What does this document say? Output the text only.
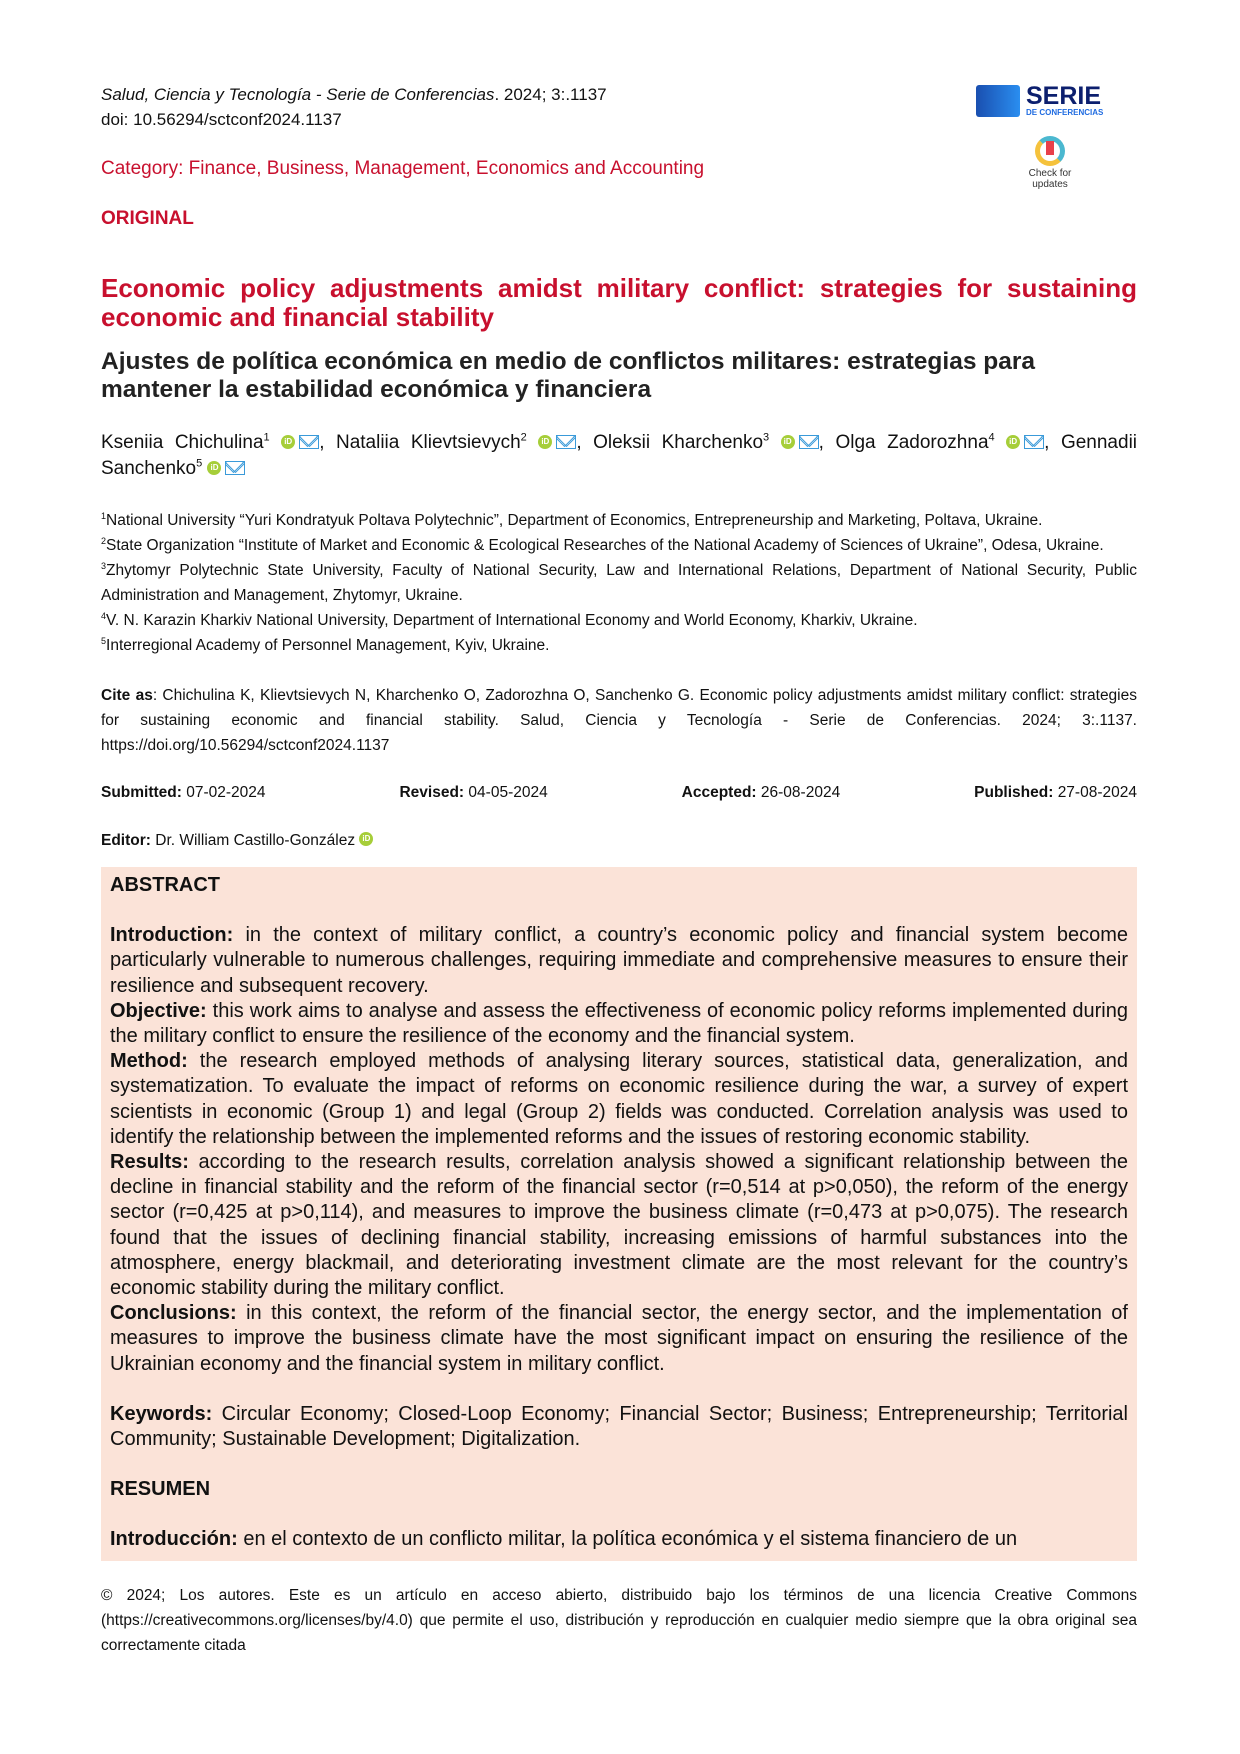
SERIE
DE CONFERENCIAS
Check for updates
Salud, Ciencia y Tecnología - Serie de Conferencias. 2024; 3:.1137
doi: 10.56294/sctconf2024.1137
Category: Finance, Business, Management, Economics and Accounting
ORIGINAL
Economic policy adjustments amidst military conflict: strategies for sustaining economic and financial stability
Ajustes de política económica en medio de conflictos militares: estrategias para mantener la estabilidad económica y financiera
Kseniia Chichulina$^1$ iD , Nataliia Klievtsievych$^2$ iD , Oleksii Kharchenko$^3$ iD , Olga Zadorozhna$^4$ iD , Gennadii Sanchenko$^5$ iD
$^1$National University “Yuri Kondratyuk Poltava Polytechnic”, Department of Economics, Entrepreneurship and Marketing, Poltava, Ukraine.
$^2$State Organization “Institute of Market and Economic & Ecological Researches of the National Academy of Sciences of Ukraine”, Odesa, Ukraine.
$^3$Zhytomyr Polytechnic State University, Faculty of National Security, Law and International Relations, Department of National Security, Public Administration and Management, Zhytomyr, Ukraine.
$^4$V. N. Karazin Kharkiv National University, Department of International Economy and World Economy, Kharkiv, Ukraine.
$^5$Interregional Academy of Personnel Management, Kyiv, Ukraine.
Cite as: Chichulina K, Klievtsievych N, Kharchenko O, Zadorozhna O, Sanchenko G. Economic policy adjustments amidst military conflict: strategies for sustaining economic and financial stability. Salud, Ciencia y Tecnología - Serie de Conferencias. 2024; 3:.1137. https://doi.org/10.56294/sctconf2024.1137
Submitted: 07-02-2024	Revised: 04-05-2024	Accepted: 26-08-2024	Published: 27-08-2024
Editor: Dr. William Castillo-González iD
ABSTRACT
Introduction: in the context of military conflict, a country’s economic policy and financial system become particularly vulnerable to numerous challenges, requiring immediate and comprehensive measures to ensure their resilience and subsequent recovery.
Objective: this work aims to analyse and assess the effectiveness of economic policy reforms implemented during the military conflict to ensure the resilience of the economy and the financial system.
Method: the research employed methods of analysing literary sources, statistical data, generalization, and systematization. To evaluate the impact of reforms on economic resilience during the war, a survey of expert scientists in economic (Group 1) and legal (Group 2) fields was conducted. Correlation analysis was used to identify the relationship between the implemented reforms and the issues of restoring economic stability.
Results: according to the research results, correlation analysis showed a significant relationship between the decline in financial stability and the reform of the financial sector (r=0,514 at p>0,050), the reform of the energy sector (r=0,425 at p>0,114), and measures to improve the business climate (r=0,473 at p>0,075). The research found that the issues of declining financial stability, increasing emissions of harmful substances into the atmosphere, energy blackmail, and deteriorating investment climate are the most relevant for the country’s economic stability during the military conflict.
Conclusions: in this context, the reform of the financial sector, the energy sector, and the implementation of measures to improve the business climate have the most significant impact on ensuring the resilience of the Ukrainian economy and the financial system in military conflict.
Keywords: Circular Economy; Closed-Loop Economy; Financial Sector; Business; Entrepreneurship; Territorial Community; Sustainable Development; Digitalization.
RESUMEN
Introducción: en el contexto de un conflicto militar, la política económica y el sistema financiero de un
© 2024; Los autores. Este es un artículo en acceso abierto, distribuido bajo los términos de una licencia Creative Commons (https://creativecommons.org/licenses/by/4.0) que permite el uso, distribución y reproducción en cualquier medio siempre que la obra original sea correctamente citada
